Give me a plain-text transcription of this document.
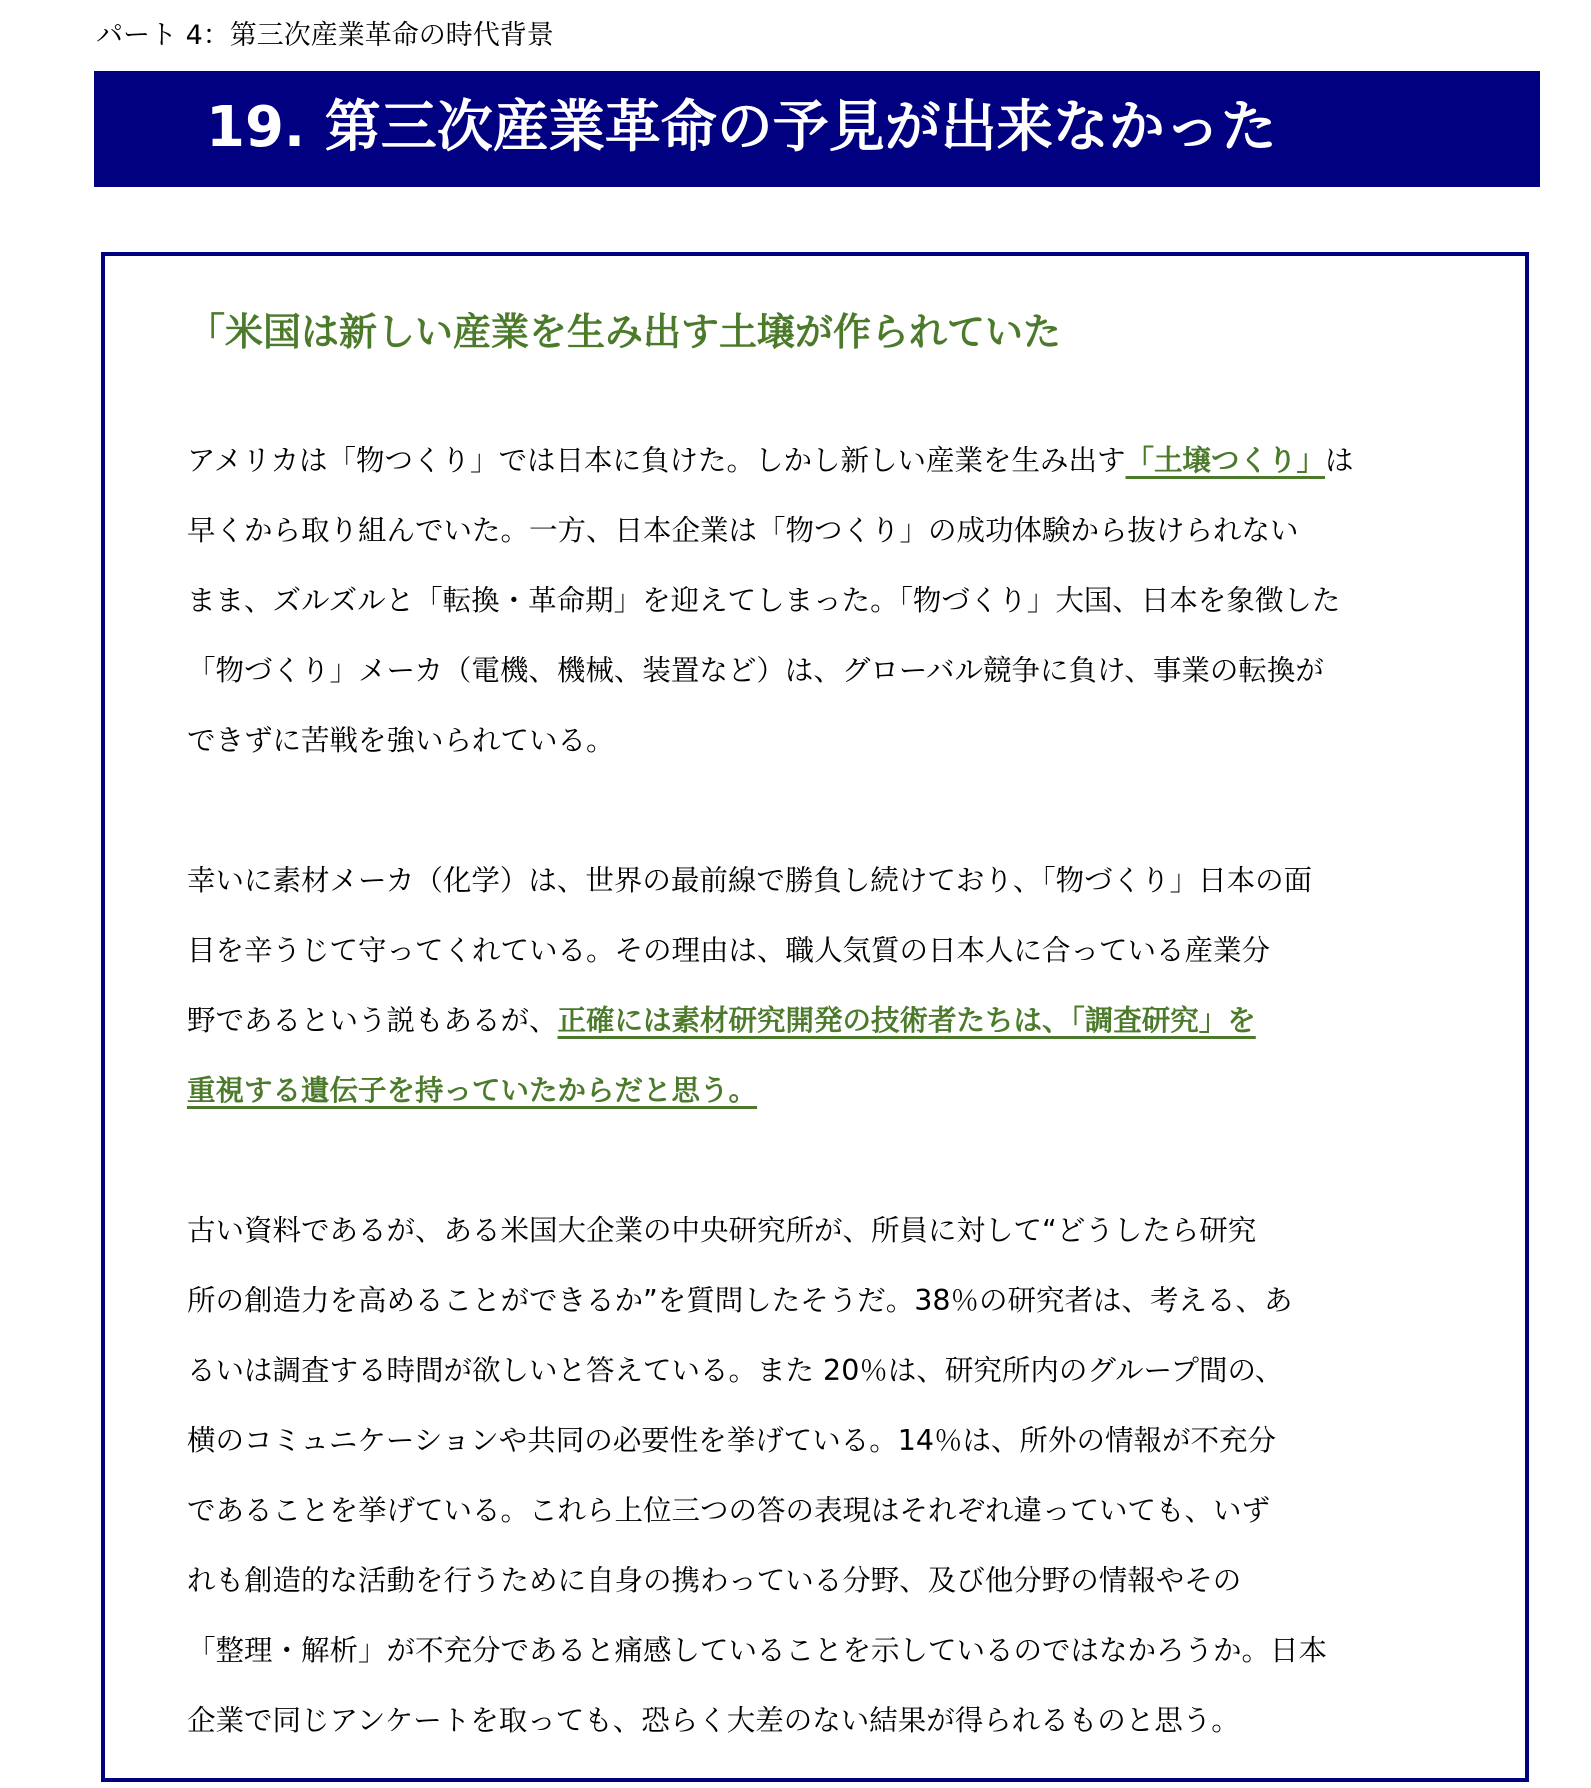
パート 4：第三次産業革命の時代背景
19. 第三次産業革命の予見が出来なかった
「米国は新しい産業を生み出す土壌が作られていた

アメリカは「物つくり」では日本に負けた。しかし新しい産業を生み出す「土壌つくり」は
早くから取り組んでいた。一方、日本企業は「物つくり」の成功体験から抜けられない
まま、ズルズルと「転換・革命期」を迎えてしまった。「物づくり」大国、日本を象徴した
「物づくり」メーカ（電機、機械、装置など）は、グローバル競争に負け、事業の転換が
できずに苦戦を強いられている。

幸いに素材メーカ（化学）は、世界の最前線で勝負し続けており、「物づくり」日本の面
目を辛うじて守ってくれている。その理由は、職人気質の日本人に合っている産業分
野であるという説もあるが、正確には素材研究開発の技術者たちは、「調査研究」を
重視する遺伝子を持っていたからだと思う。

古い資料であるが、ある米国大企業の中央研究所が、所員に対して“どうしたら研究
所の創造力を高めることができるか”を質問したそうだ。38％の研究者は、考える、あ
るいは調査する時間が欲しいと答えている。また 20％は、研究所内のグループ間の、
横のコミュニケーションや共同の必要性を挙げている。14％は、所外の情報が不充分
であることを挙げている。これら上位三つの答の表現はそれぞれ違っていても、いず
れも創造的な活動を行うために自身の携わっている分野、及び他分野の情報やその
「整理・解析」が不充分であると痛感していることを示しているのではなかろうか。日本
企業で同じアンケートを取っても、恐らく大差のない結果が得られるものと思う。
